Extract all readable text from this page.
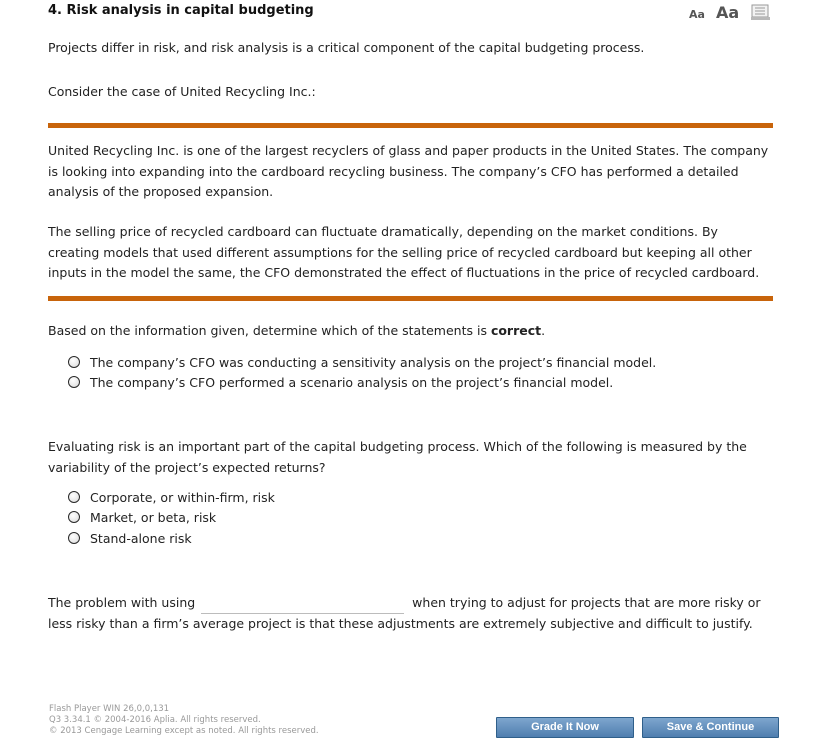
4. Risk analysis in capital budgeting	Aa Aa

Projects differ in risk, and risk analysis is a critical component of the capital budgeting process.

Consider the case of United Recycling Inc.:

United Recycling Inc. is one of the largest recyclers of glass and paper products in the United States. The company is looking into expanding into the cardboard recycling business. The company’s CFO has performed a detailed analysis of the proposed expansion.

The selling price of recycled cardboard can fluctuate dramatically, depending on the market conditions. By creating models that used different assumptions for the selling price of recycled cardboard but keeping all other inputs in the model the same, the CFO demonstrated the effect of fluctuations in the price of recycled cardboard.

Based on the information given, determine which of the statements is correct.

The company’s CFO was conducting a sensitivity analysis on the project’s financial model.
The company’s CFO performed a scenario analysis on the project’s financial model.

Evaluating risk is an important part of the capital budgeting process. Which of the following is measured by the variability of the project’s expected returns?

Corporate, or within-firm, risk
Market, or beta, risk
Stand-alone risk

The problem with using	when trying to adjust for projects that are more risky or less risky than a firm’s average project is that these adjustments are extremely subjective and difficult to justify.

Flash Player WIN 26,0,0,131
Q3 3.34.1 © 2004-2016 Aplia. All rights reserved.
© 2013 Cengage Learning except as noted. All rights reserved.	Grade It Now	Save & Continue
